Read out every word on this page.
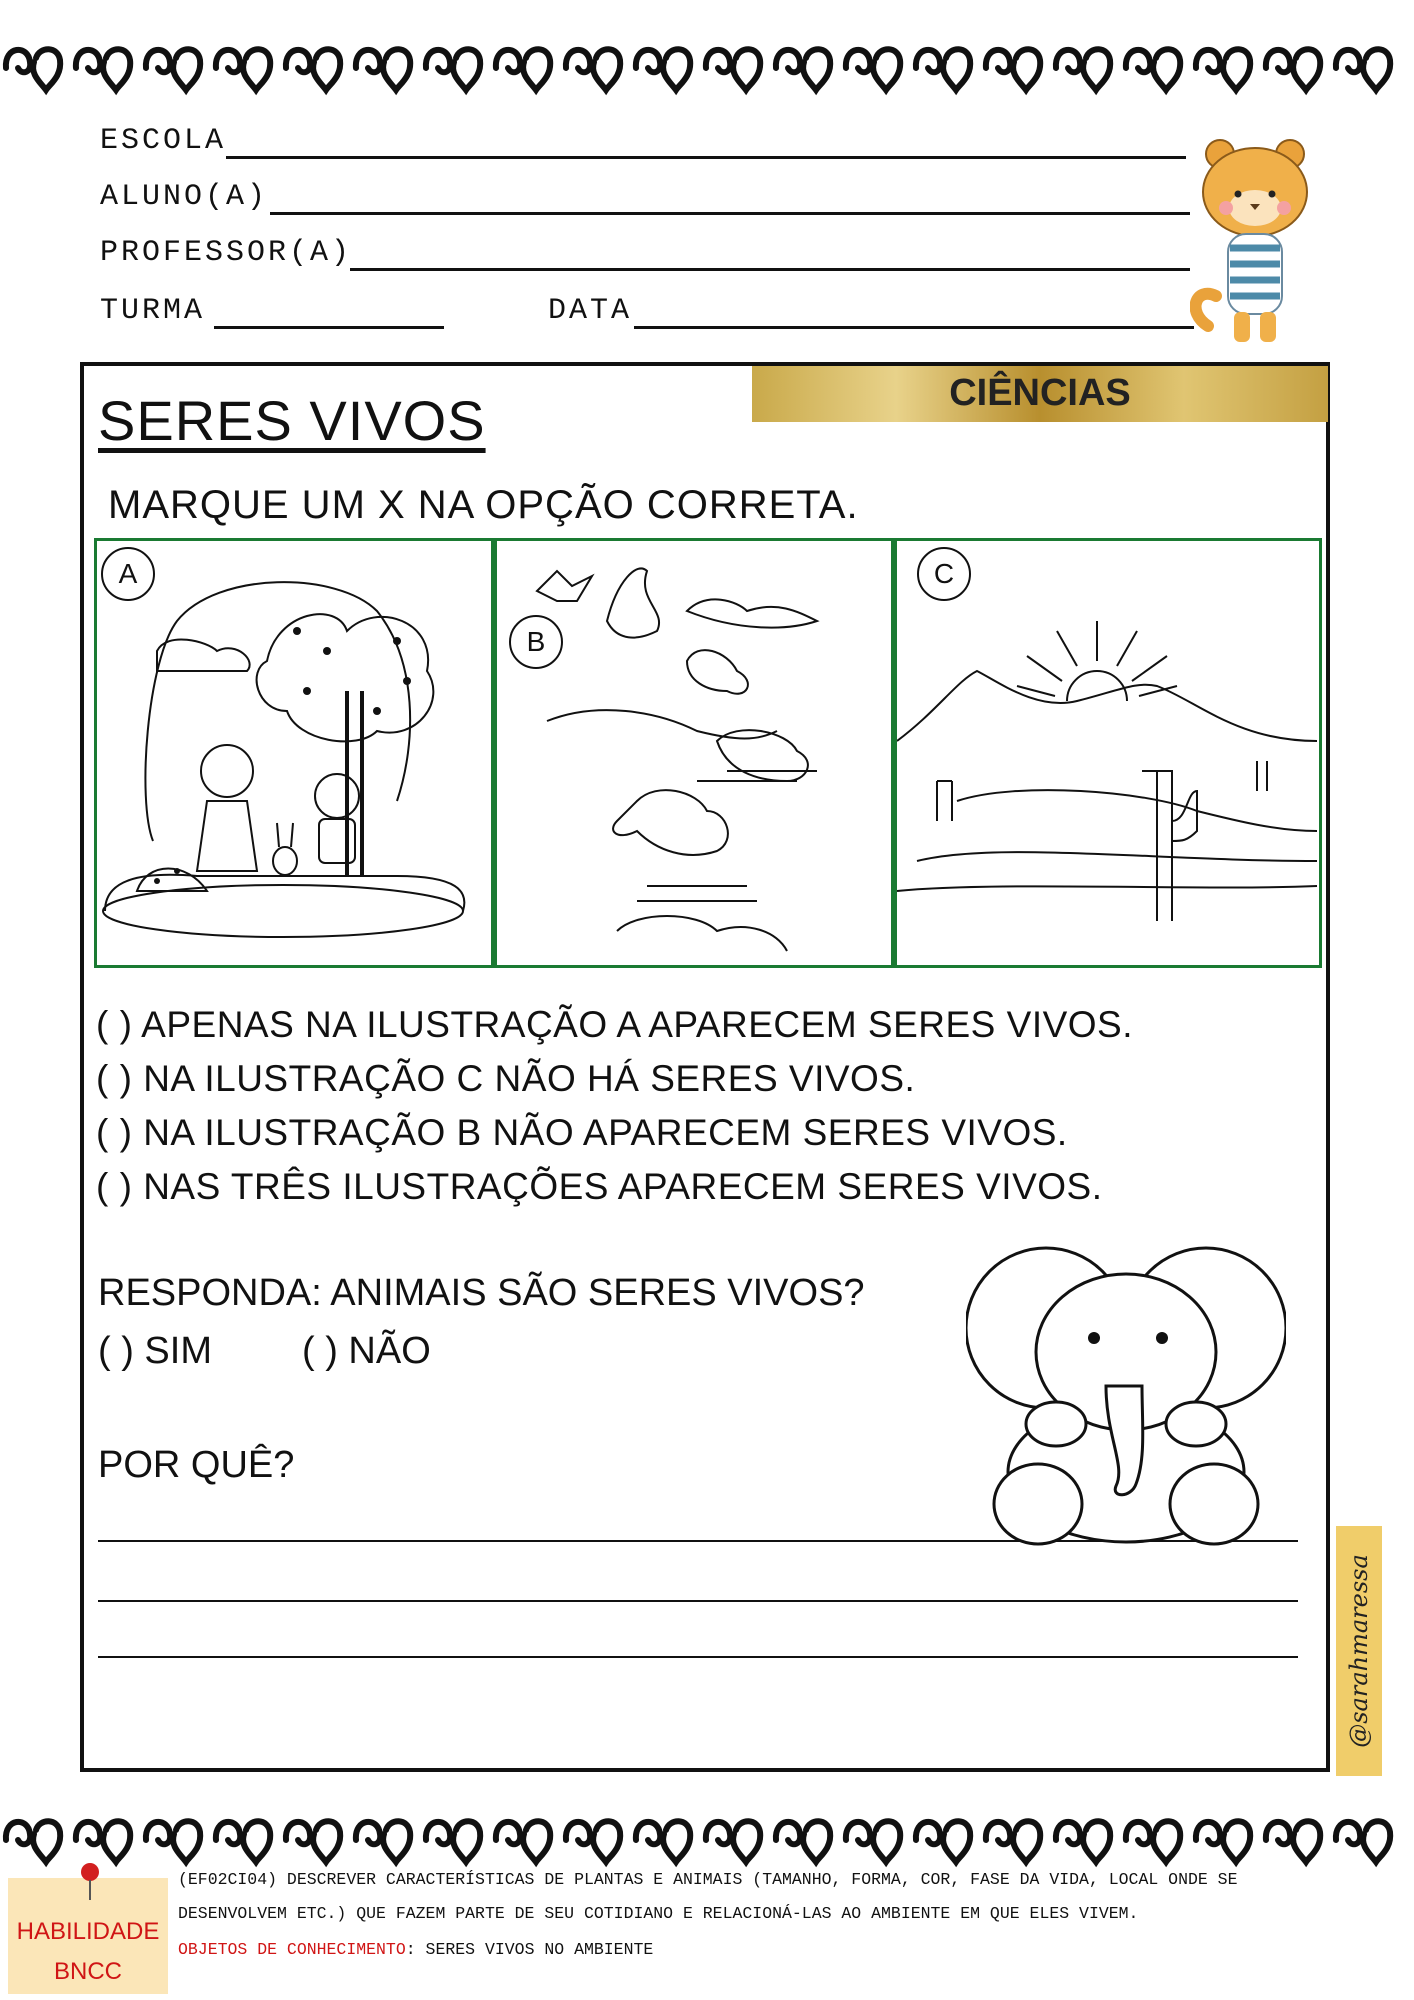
ESCOLA
ALUNO(A)
PROFESSOR(A)
TURMA	DATA
CIÊNCIAS
SERES VIVOS
MARQUE UM X NA OPÇÃO CORRETA.
A
B
C
( ) APENAS NA ILUSTRAÇÃO A APARECEM SERES VIVOS.
( ) NA ILUSTRAÇÃO C NÃO HÁ SERES VIVOS.
( ) NA ILUSTRAÇÃO B NÃO APARECEM SERES VIVOS.
( ) NAS TRÊS ILUSTRAÇÕES APARECEM SERES VIVOS.
RESPONDA: ANIMAIS SÃO SERES VIVOS?
( ) SIM ( ) NÃO
POR QUÊ?
@sarahmaressa
HABILIDADE
BNCC
(EF02CI04) DESCREVER CARACTERÍSTICAS DE PLANTAS E ANIMAIS (TAMANHO, FORMA, COR, FASE DA VIDA, LOCAL ONDE SE
DESENVOLVEM ETC.) QUE FAZEM PARTE DE SEU COTIDIANO E RELACIONÁ-LAS AO AMBIENTE EM QUE ELES VIVEM.
OBJETOS DE CONHECIMENTO: SERES VIVOS NO AMBIENTE
